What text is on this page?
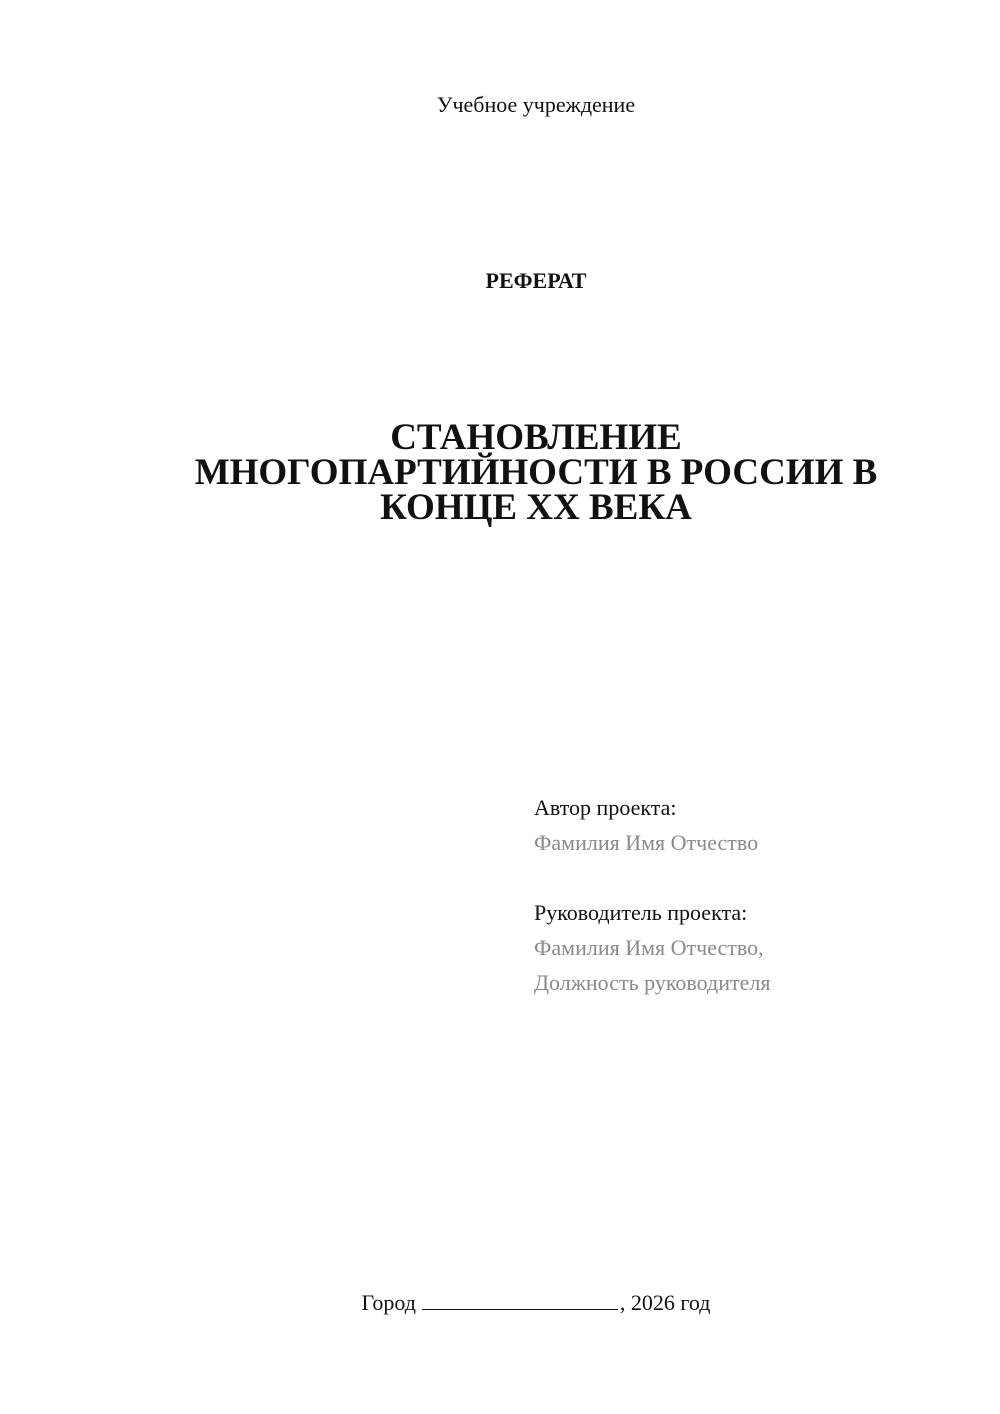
Учебное учреждение
РЕФЕРАТ
СТАНОВЛЕНИЕ
МНОГОПАРТИЙНОСТИ В РОССИИ В
КОНЦЕ XX ВЕКА
Автор проекта:
Фамилия Имя Отчество
Руководитель проекта:
Фамилия Имя Отчество,
Должность руководителя
Город	, 2026 год
